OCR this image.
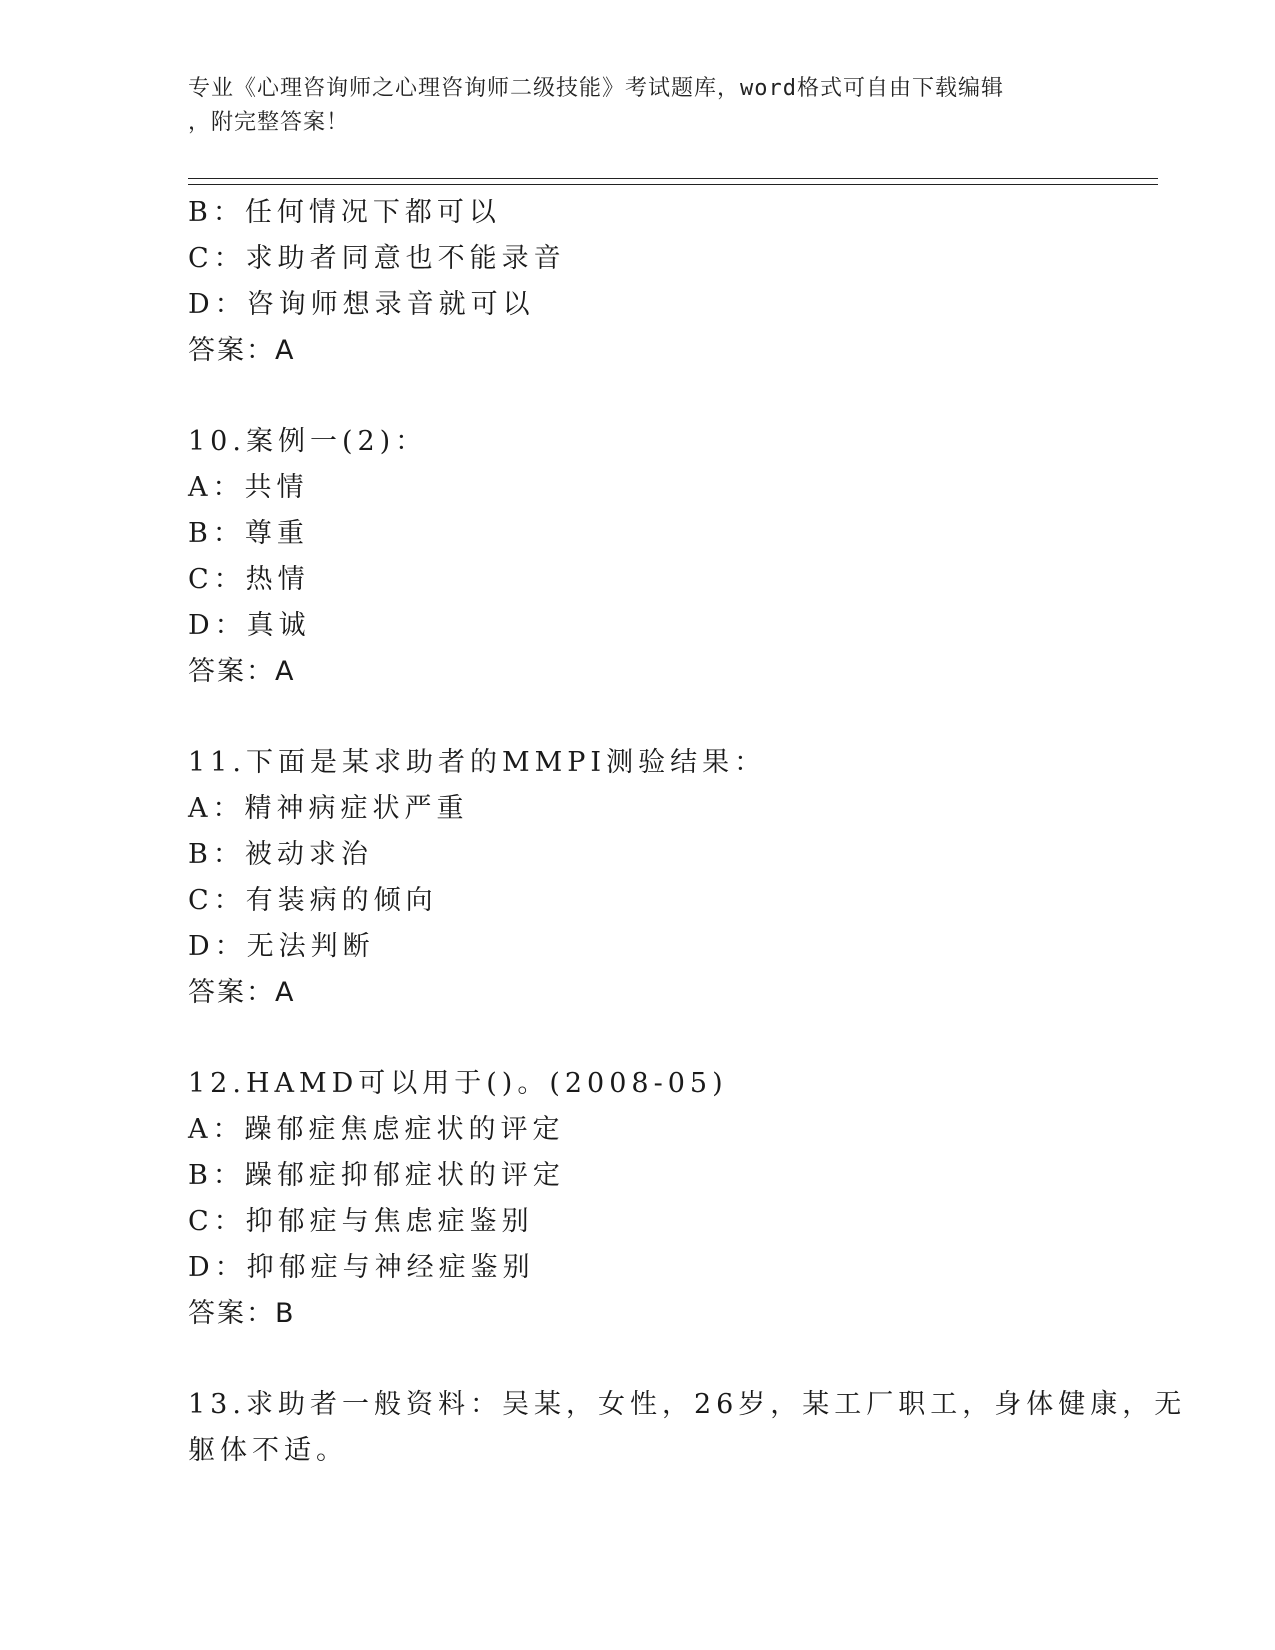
专业《心理咨询师之心理咨询师二级技能》考试题库，word格式可自由下载编辑
，附完整答案！
B：任何情况下都可以
C：求助者同意也不能录音
D：咨询师想录音就可以
答案：A
10.案例一(2)：
A：共情
B：尊重
C：热情
D：真诚
答案：A
11.下面是某求助者的MMPI测验结果：
A：精神病症状严重
B：被动求治
C：有装病的倾向
D：无法判断
答案：A
12.HAMD可以用于()。(2008-05)
A：躁郁症焦虑症状的评定
B：躁郁症抑郁症状的评定
C：抑郁症与焦虑症鉴别
D：抑郁症与神经症鉴别
答案：B
13.求助者一般资料：吴某，女性，26岁，某工厂职工，身体健康，无
躯体不适。
